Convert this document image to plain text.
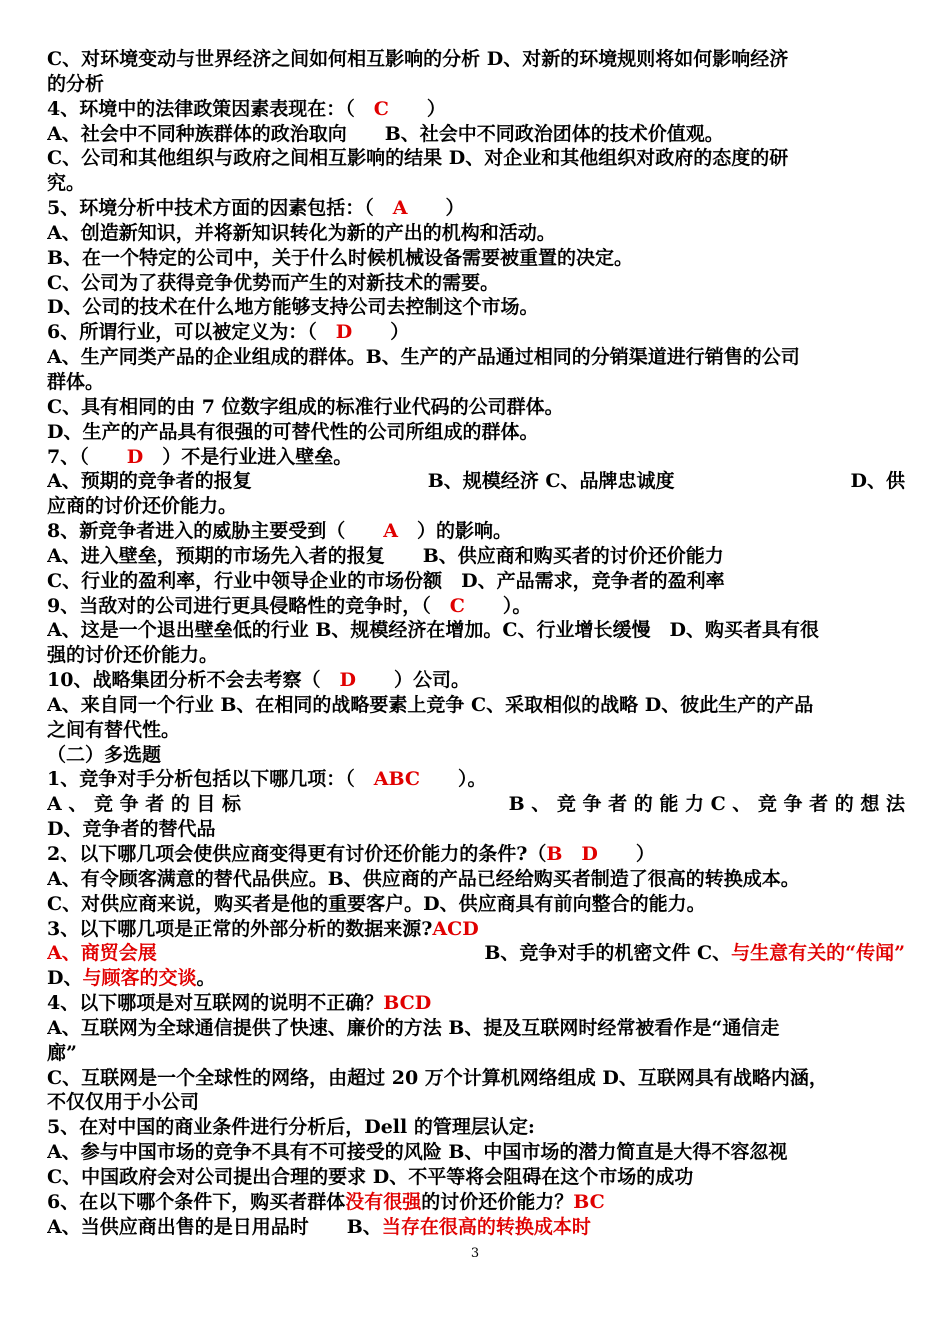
C、对环境变动与世界经济之间如何相互影响的分析 D、对新的环境规则将如何影响经济
的分析
4、环境中的法律政策因素表现在：（　C　　）
A、社会中不同种族群体的政治取向　　B、社会中不同政治团体的技术价值观。
C、公司和其他组织与政府之间相互影响的结果 D、对企业和其他组织对政府的态度的研
究。
5、环境分析中技术方面的因素包括：（　A　　）
A、创造新知识，并将新知识转化为新的产出的机构和活动。
B、在一个特定的公司中，关于什么时候机械设备需要被重置的决定。
C、公司为了获得竞争优势而产生的对新技术的需要。
D、公司的技术在什么地方能够支持公司去控制这个市场。
6、所谓行业，可以被定义为：（　D　　）
A、生产同类产品的企业组成的群体。B、生产的产品通过相同的分销渠道进行销售的公司
群体。
C、具有相同的由 7 位数字组成的标准行业代码的公司群体。
D、生产的产品具有很强的可替代性的公司所组成的群体。
7、（　　D　）不是行业进入壁垒。
A、预期的竞争者的报复	B、规模经济 C、品牌忠诚度	D、供
应商的讨价还价能力。
8、新竞争者进入的威胁主要受到（　　A　）的影响。
A、进入壁垒，预期的市场先入者的报复　　B、供应商和购买者的讨价还价能力
C、行业的盈利率，行业中领导企业的市场份额　D、产品需求，竞争者的盈利率
9、当敌对的公司进行更具侵略性的竞争时，（　C　　）。
A、这是一个退出壁垒低的行业 B、规模经济在增加。C、行业增长缓慢　D、购买者具有很
强的讨价还价能力。
10、战略集团分析不会去考察（　D　　）公司。
A、来自同一个行业 B、在相同的战略要素上竞争 C、采取相似的战略 D、彼此生产的产品
之间有替代性。
（二）多选题
1、竞争对手分析包括以下哪几项：（　ABC　　）。
A 、 竞 争 者 的 目 标	B 、 竞 争 者 的 能 力 C 、 竞 争 者 的 想 法
D、竞争者的替代品
2、以下哪几项会使供应商变得更有讨价还价能力的条件?（B　D　　）
A、有令顾客满意的替代品供应。B、供应商的产品已经给购买者制造了很高的转换成本。
C、对供应商来说，购买者是他的重要客户。D、供应商具有前向整合的能力。
3、以下哪几项是正常的外部分析的数据来源?ACD
A、商贸会展	B、竞争对手的机密文件 C、与生意有关的“传闻”
D、与顾客的交谈。
4、以下哪项是对互联网的说明不正确？BCD
A、互联网为全球通信提供了快速、廉价的方法 B、提及互联网时经常被看作是“通信走
廊”
C、互联网是一个全球性的网络，由超过 20 万个计算机网络组成 D、互联网具有战略内涵，
不仅仅用于小公司
5、在对中国的商业条件进行分析后，Dell 的管理层认定:
A、参与中国市场的竞争不具有不可接受的风险 B、中国市场的潜力简直是大得不容忽视
C、中国政府会对公司提出合理的要求 D、不平等将会阻碍在这个市场的成功
6、在以下哪个条件下，购买者群体没有很强的讨价还价能力？BC
A、当供应商出售的是日用品时　　B、当存在很高的转换成本时
3
